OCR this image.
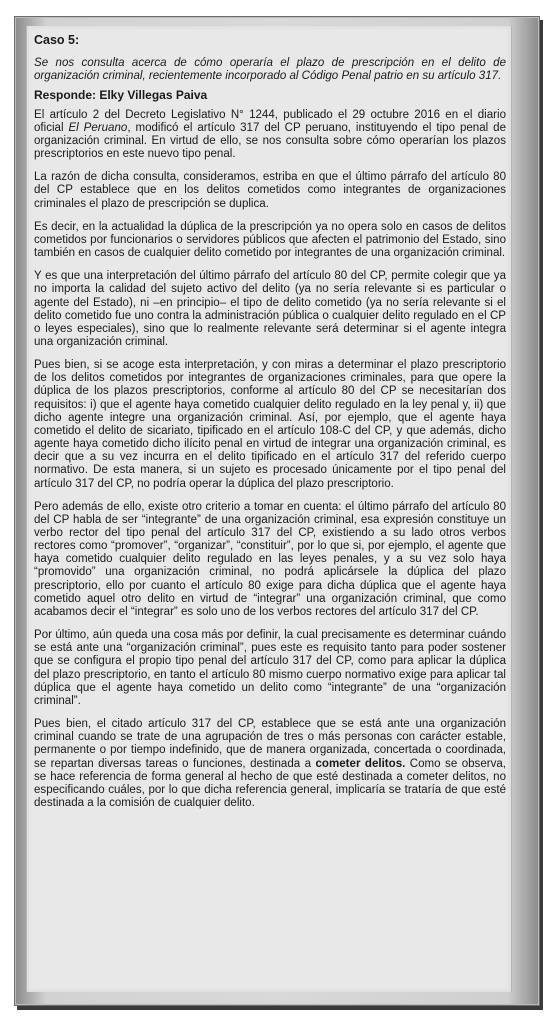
Caso 5:

Se nos consulta acerca de cómo operaría el plazo de prescripción en el delito de organización criminal, recientemente incorporado al Código Penal patrio en su artículo 317.

Responde: Elky Villegas Paiva

El artículo 2 del Decreto Legislativo N° 1244, publicado el 29 octubre 2016 en el diario oficial El Peruano, modificó el artículo 317 del CP peruano, instituyendo el tipo penal de organización criminal. En virtud de ello, se nos consulta sobre cómo operarían los plazos prescriptorios en este nuevo tipo penal.

La razón de dicha consulta, consideramos, estriba en que el último párrafo del artículo 80 del CP establece que en los delitos cometidos como integrantes de organizaciones criminales el plazo de prescripción se duplica.

Es decir, en la actualidad la dúplica de la prescripción ya no opera solo en casos de delitos cometidos por funcionarios o servidores públicos que afecten el patrimonio del Estado, sino también en casos de cualquier delito cometido por integrantes de una organización criminal.

Y es que una interpretación del último párrafo del artículo 80 del CP, permite colegir que ya no importa la calidad del sujeto activo del delito (ya no sería relevante si es particular o agente del Estado), ni –en principio– el tipo de delito cometido (ya no sería relevante si el delito cometido fue uno contra la administración pública o cualquier delito regulado en el CP o leyes especiales), sino que lo realmente relevante será determinar si el agente integra una organización criminal.

Pues bien, si se acoge esta interpretación, y con miras a determinar el plazo prescriptorio de los delitos cometidos por integrantes de organizaciones criminales, para que opere la dúplica de los plazos prescriptorios, conforme al artículo 80 del CP se necesitarían dos requisitos: i) que el agente haya cometido cualquier delito regulado en la ley penal y, ii) que dicho agente integre una organización criminal. Así, por ejemplo, que el agente haya cometido el delito de sicariato, tipificado en el artículo 108-C del CP, y que además, dicho agente haya cometido dicho ilícito penal en virtud de integrar una organización criminal, es decir que a su vez incurra en el delito tipificado en el artículo 317 del referido cuerpo normativo. De esta manera, si un sujeto es procesado únicamente por el tipo penal del artículo 317 del CP, no podría operar la dúplica del plazo prescriptorio.

Pero además de ello, existe otro criterio a tomar en cuenta: el último párrafo del artículo 80 del CP habla de ser “integrante” de una organización criminal, esa expresión constituye un verbo rector del tipo penal del artículo 317 del CP, existiendo a su lado otros verbos rectores como “promover”, “organizar”, “constituir”, por lo que si, por ejemplo, el agente que haya cometido cualquier delito regulado en las leyes penales, y a su vez solo haya “promovido” una organización criminal, no podrá aplicársele la dúplica del plazo prescriptorio, ello por cuanto el artículo 80 exige para dicha dúplica que el agente haya cometido aquel otro delito en virtud de “integrar” una organización criminal, que como acabamos decir el “integrar” es solo uno de los verbos rectores del artículo 317 del CP.

Por último, aún queda una cosa más por definir, la cual precisamente es determinar cuándo se está ante una “organización criminal”, pues este es requisito tanto para poder sostener que se configura el propio tipo penal del artículo 317 del CP, como para aplicar la dúplica del plazo prescriptorio, en tanto el artículo 80 mismo cuerpo normativo exige para aplicar tal dúplica que el agente haya cometido un delito como “integrante” de una “organización criminal”.

Pues bien, el citado artículo 317 del CP, establece que se está ante una organización criminal cuando se trate de una agrupación de tres o más personas con carácter estable, permanente o por tiempo indefinido, que de manera organizada, concertada o coordinada, se repartan diversas tareas o funciones, destinada a cometer delitos. Como se observa, se hace referencia de forma general al hecho de que esté destinada a cometer delitos, no especificando cuáles, por lo que dicha referencia general, implicaría se trataría de que esté destinada a la comisión de cualquier delito.
